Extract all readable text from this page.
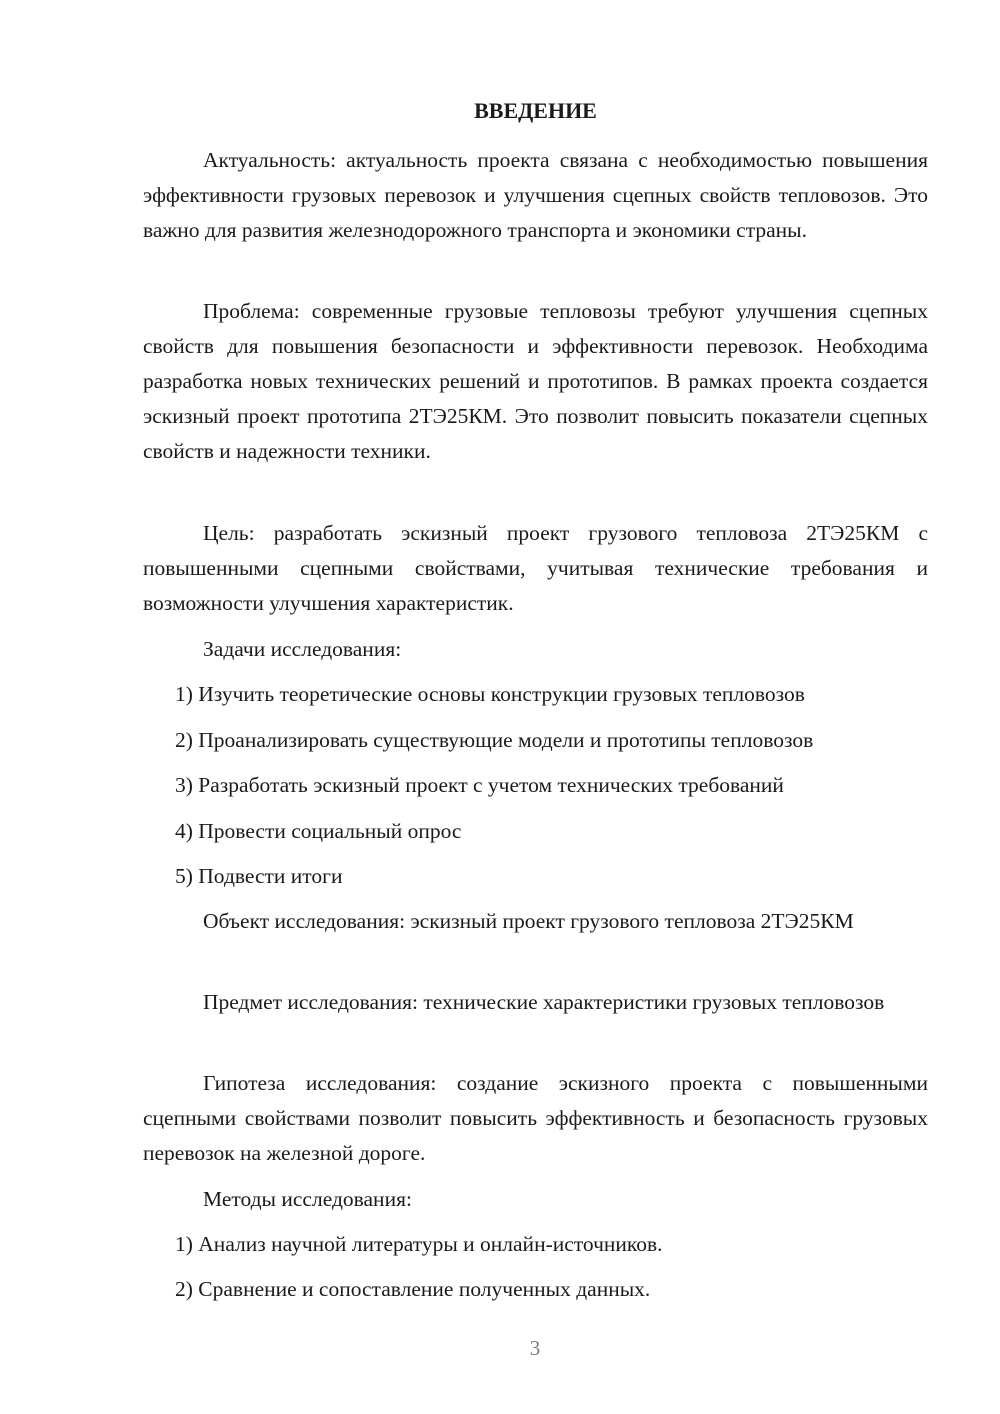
ВВЕДЕНИЕ
Актуальность: актуальность проекта связана с необходимостью повышения эффективности грузовых перевозок и улучшения сцепных свойств тепловозов. Это важно для развития железнодорожного транспорта и экономики страны.
Проблема: современные грузовые тепловозы требуют улучшения сцепных свойств для повышения безопасности и эффективности перевозок. Необходима разработка новых технических решений и прототипов. В рамках проекта создается эскизный проект прототипа 2ТЭ25КМ. Это позволит повысить показатели сцепных свойств и надежности техники.
Цель: разработать эскизный проект грузового тепловоза 2ТЭ25КМ с повышенными сцепными свойствами, учитывая технические требования и возможности улучшения характеристик.
Задачи исследования:
1) Изучить теоретические основы конструкции грузовых тепловозов
2) Проанализировать существующие модели и прототипы тепловозов
3) Разработать эскизный проект с учетом технических требований
4) Провести социальный опрос
5) Подвести итоги
Объект исследования: эскизный проект грузового тепловоза 2ТЭ25КМ
Предмет исследования: технические характеристики грузовых тепловозов
Гипотеза исследования: создание эскизного проекта с повышенными сцепными свойствами позволит повысить эффективность и безопасность грузовых перевозок на железной дороге.
Методы исследования:
1) Анализ научной литературы и онлайн-источников.
2) Сравнение и сопоставление полученных данных.
3
